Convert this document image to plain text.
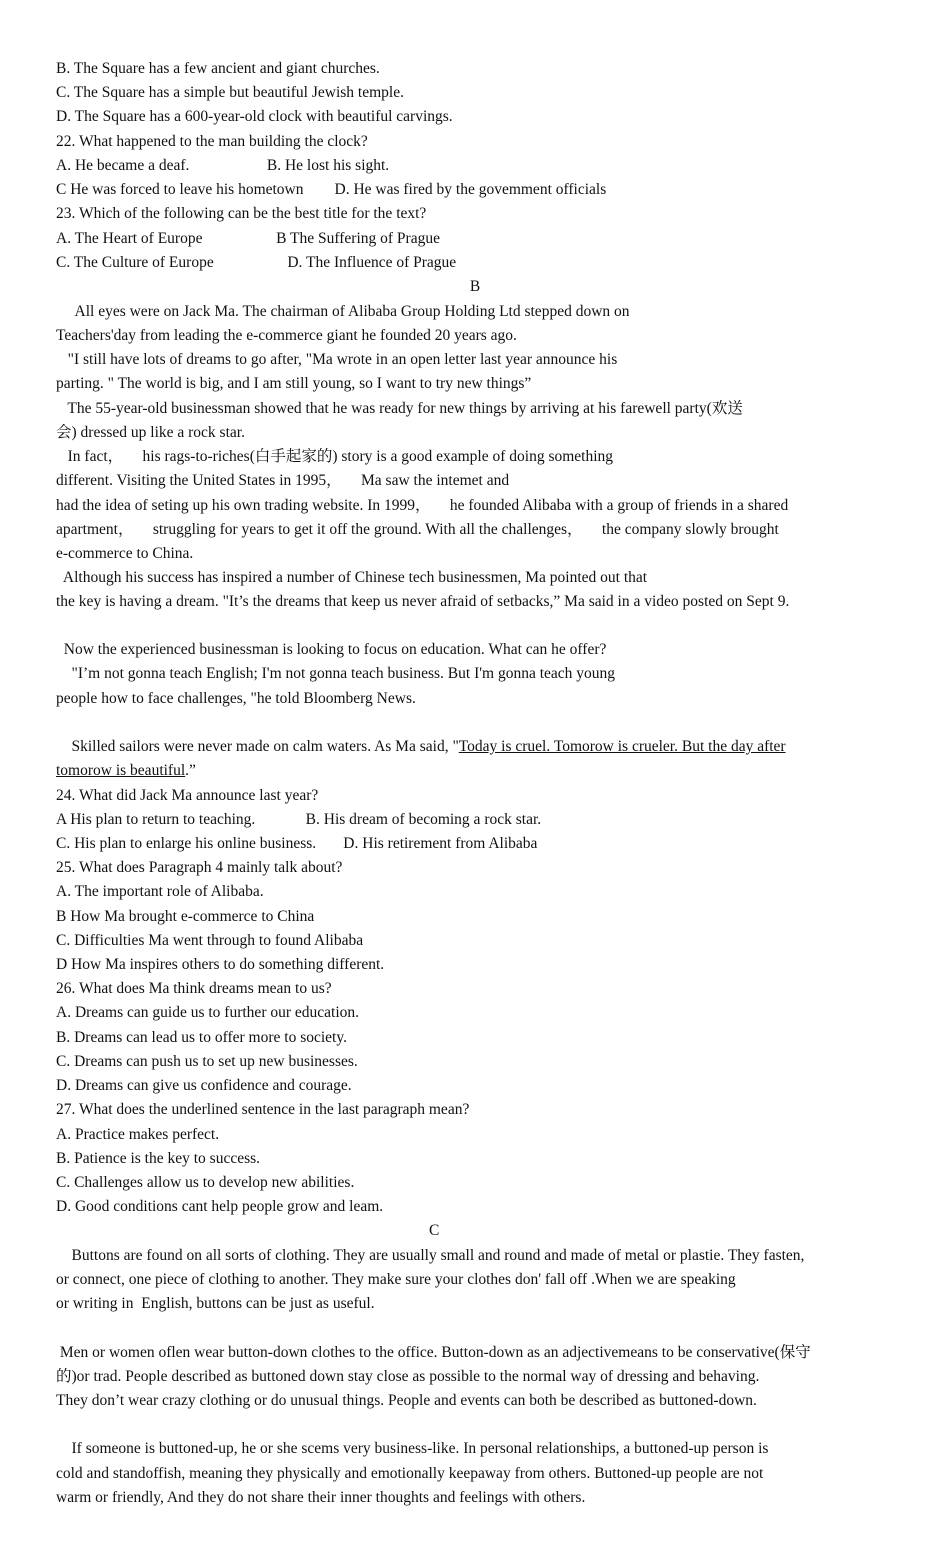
B. The Square has a few ancient and giant churches.
C. The Square has a simple but beautiful Jewish temple.
D. The Square has a 600-year-old clock with beautiful carvings.
22. What happened to the man building the clock?
A. He became a deaf.                    B. He lost his sight.
C He was forced to leave his hometown        D. He was fired by the govemment officials
23. Which of the following can be the best title for the text?
A. The Heart of Europe                   B The Suffering of Prague
C. The Culture of Europe                   D. The Influence of Prague
B
All eyes were on Jack Ma. The chairman of Alibaba Group Holding Ltd stepped down on
Teachers'day from leading the e-commerce giant he founded 20 years ago.
"I still have lots of dreams to go after, "Ma wrote in an open letter last year announce his
parting. " The world is big, and I am still young, so I want to try new things”
The 55-year-old businessman showed that he was ready for new things by arriving at his farewell party(欢送
会) dressed up like a rock star.
In fact，     his rags-to-riches(白手起家的) story is a good example of doing something
different. Visiting the United States in 1995，     Ma saw the intemet and
had the idea of seting up his own trading website. In 1999，     he founded Alibaba with a group of friends in a shared
apartment，     struggling for years to get it off the ground. With all the challenges，     the company slowly brought
e-commerce to China.
Although his success has inspired a number of Chinese tech businessmen, Ma pointed out that
the key is having a dream. "It’s the dreams that keep us never afraid of setbacks,” Ma said in a video posted on Sept 9.
Now the experienced businessman is looking to focus on education. What can he offer?
"I’m not gonna teach English; I'm not gonna teach business. But I'm gonna teach young
people how to face challenges, "he told Bloomberg News.
Skilled sailors were never made on calm waters. As Ma said, "Today is cruel. Tomorow is crueler. But the day after
tomorow is beautiful.”
24. What did Jack Ma announce last year?
A His plan to return to teaching.             B. His dream of becoming a rock star.
C. His plan to enlarge his online business.       D. His retirement from Alibaba
25. What does Paragraph 4 mainly talk about?
A. The important role of Alibaba.
B How Ma brought e-commerce to China
C. Difficulties Ma went through to found Alibaba
D How Ma inspires others to do something different.
26. What does Ma think dreams mean to us?
A. Dreams can guide us to further our education.
B. Dreams can lead us to offer more to society.
C. Dreams can push us to set up new businesses.
D. Dreams can give us confidence and courage.
27. What does the underlined sentence in the last paragraph mean?
A. Practice makes perfect.
B. Patience is the key to success.
C. Challenges allow us to develop new abilities.
D. Good conditions cant help people grow and leam.
C
Buttons are found on all sorts of clothing. They are usually small and round and made of metal or plastie. They fasten,
or connect, one piece of clothing to another. They make sure your clothes don' fall off .When we are speaking
or writing in  English, buttons can be just as useful.
Men or women oflen wear button-down clothes to the office. Button-down as an adjectivemeans to be conservative(保守
的)or trad. People described as buttoned down stay close as possible to the normal way of dressing and behaving.
They don’t wear crazy clothing or do unusual things. People and events can both be described as buttoned-down.
If someone is buttoned-up, he or she scems very business-like. In personal relationships, a buttoned-up person is
cold and standoffish, meaning they physically and emotionally keepaway from others. Buttoned-up people are not
warm or friendly, And they do not share their inner thoughts and feelings with others.
